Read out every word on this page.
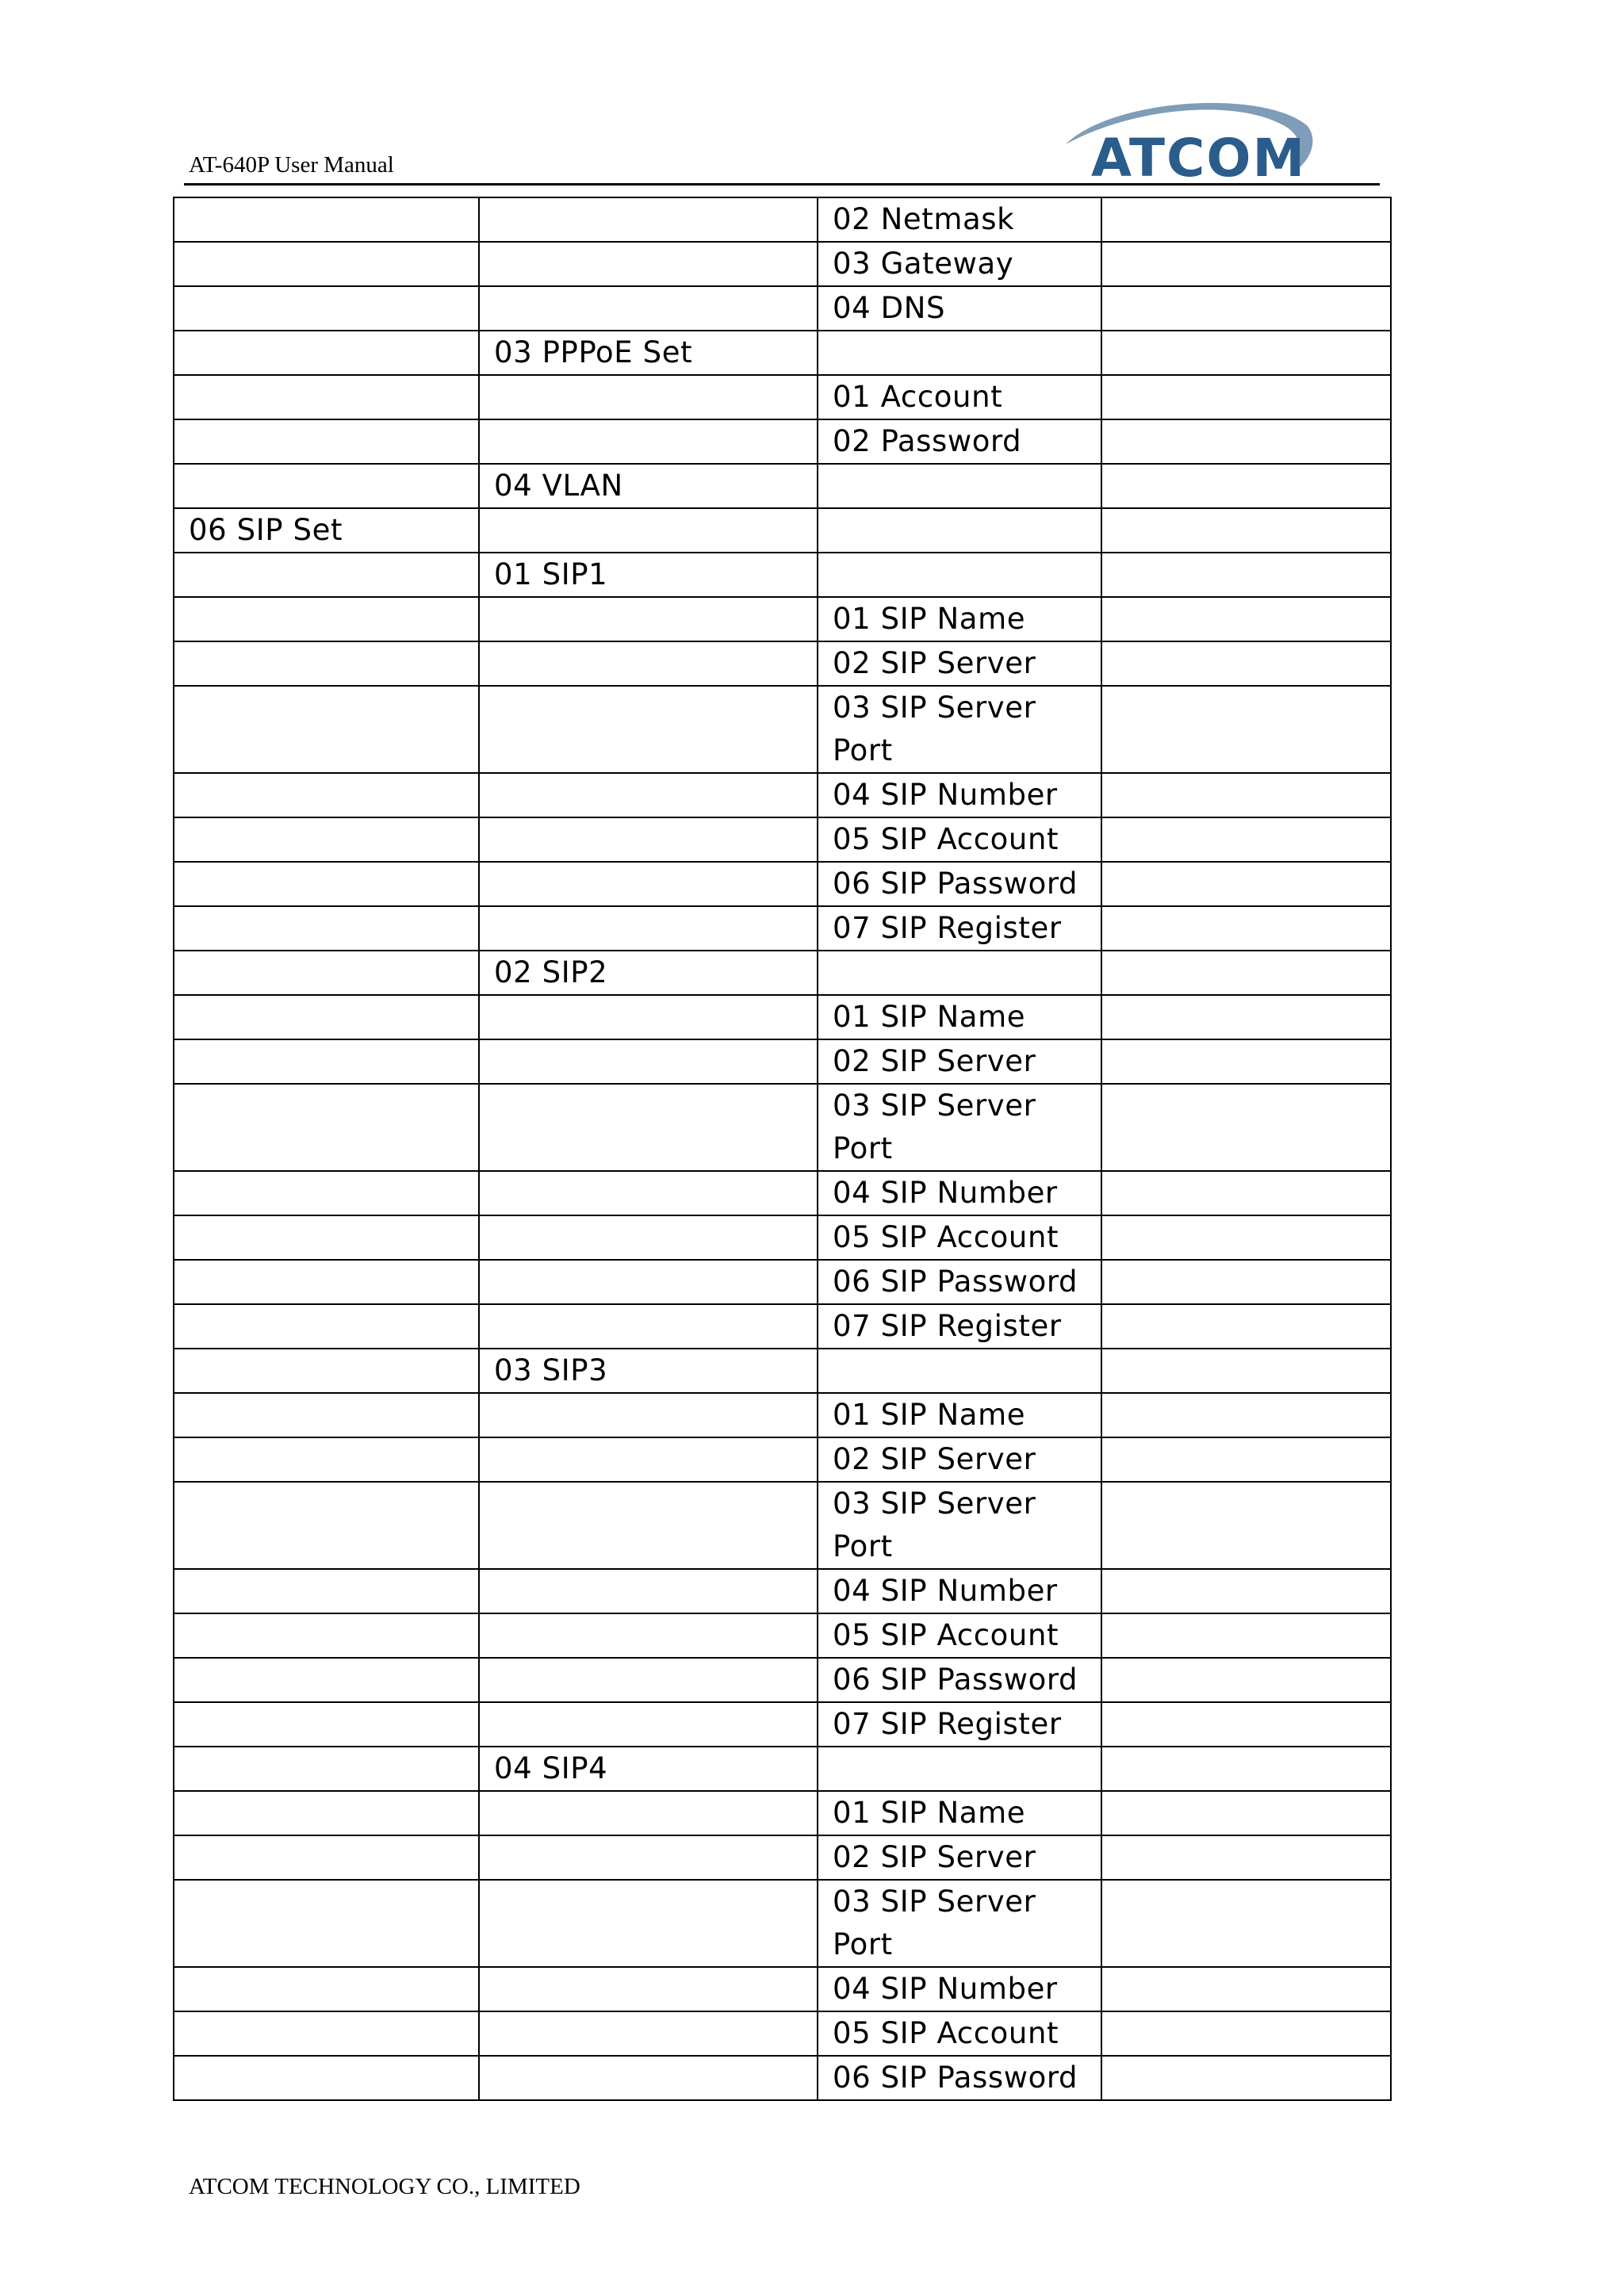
AT-640P User Manual	ATCOM
		02 Netmask	
		03 Gateway	
		04 DNS	
	03 PPPoE Set		
		01 Account	
		02 Password	
	04 VLAN		
06 SIP Set			
	01 SIP1		
		01 SIP Name	
		02 SIP Server	
		03 SIP Server Port	
		04 SIP Number	
		05 SIP Account	
		06 SIP Password	
		07 SIP Register	
	02 SIP2		
		01 SIP Name	
		02 SIP Server	
		03 SIP Server Port	
		04 SIP Number	
		05 SIP Account	
		06 SIP Password	
		07 SIP Register	
	03 SIP3		
		01 SIP Name	
		02 SIP Server	
		03 SIP Server Port	
		04 SIP Number	
		05 SIP Account	
		06 SIP Password	
		07 SIP Register	
	04 SIP4		
		01 SIP Name	
		02 SIP Server	
		03 SIP Server Port	
		04 SIP Number	
		05 SIP Account	
		06 SIP Password	
ATCOM TECHNOLOGY CO., LIMITED
